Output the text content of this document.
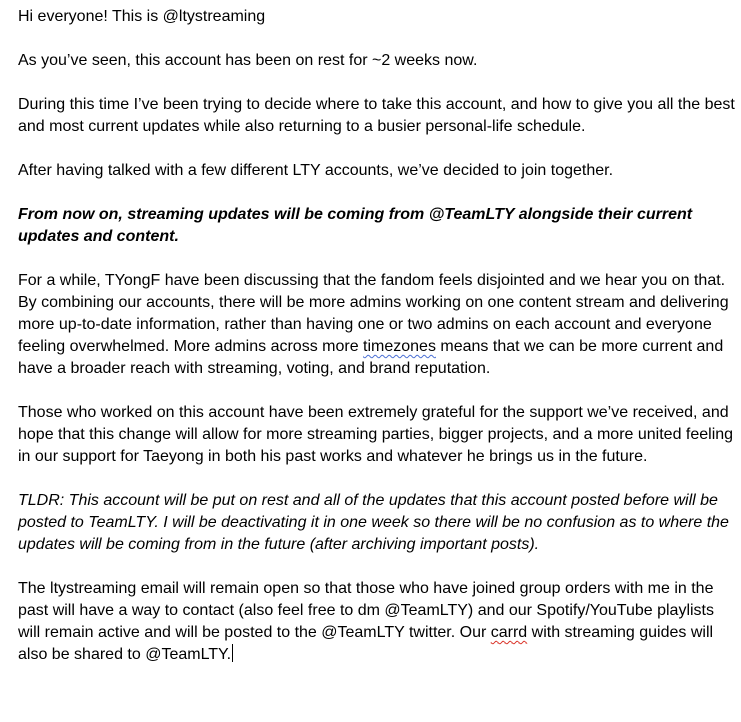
Hi everyone! This is @ltystreaming

As you’ve seen, this account has been on rest for ~2 weeks now.

During this time I’ve been trying to decide where to take this account, and how to give you all the best and most current updates while also returning to a busier personal-life schedule.

After having talked with a few different LTY accounts, we’ve decided to join together.

From now on, streaming updates will be coming from @TeamLTY alongside their current updates and content.

For a while, TYongF have been discussing that the fandom feels disjointed and we hear you on that. By combining our accounts, there will be more admins working on one content stream and delivering more up-to-date information, rather than having one or two admins on each account and everyone feeling overwhelmed. More admins across more timezones means that we can be more current and have a broader reach with streaming, voting, and brand reputation.

Those who worked on this account have been extremely grateful for the support we’ve received, and hope that this change will allow for more streaming parties, bigger projects, and a more united feeling in our support for Taeyong in both his past works and whatever he brings us in the future.

TLDR: This account will be put on rest and all of the updates that this account posted before will be posted to TeamLTY. I will be deactivating it in one week so there will be no confusion as to where the updates will be coming from in the future (after archiving important posts).

The ltystreaming email will remain open so that those who have joined group orders with me in the past will have a way to contact (also feel free to dm @TeamLTY) and our Spotify/YouTube playlists will remain active and will be posted to the @TeamLTY twitter. Our carrd with streaming guides will also be shared to @TeamLTY.
